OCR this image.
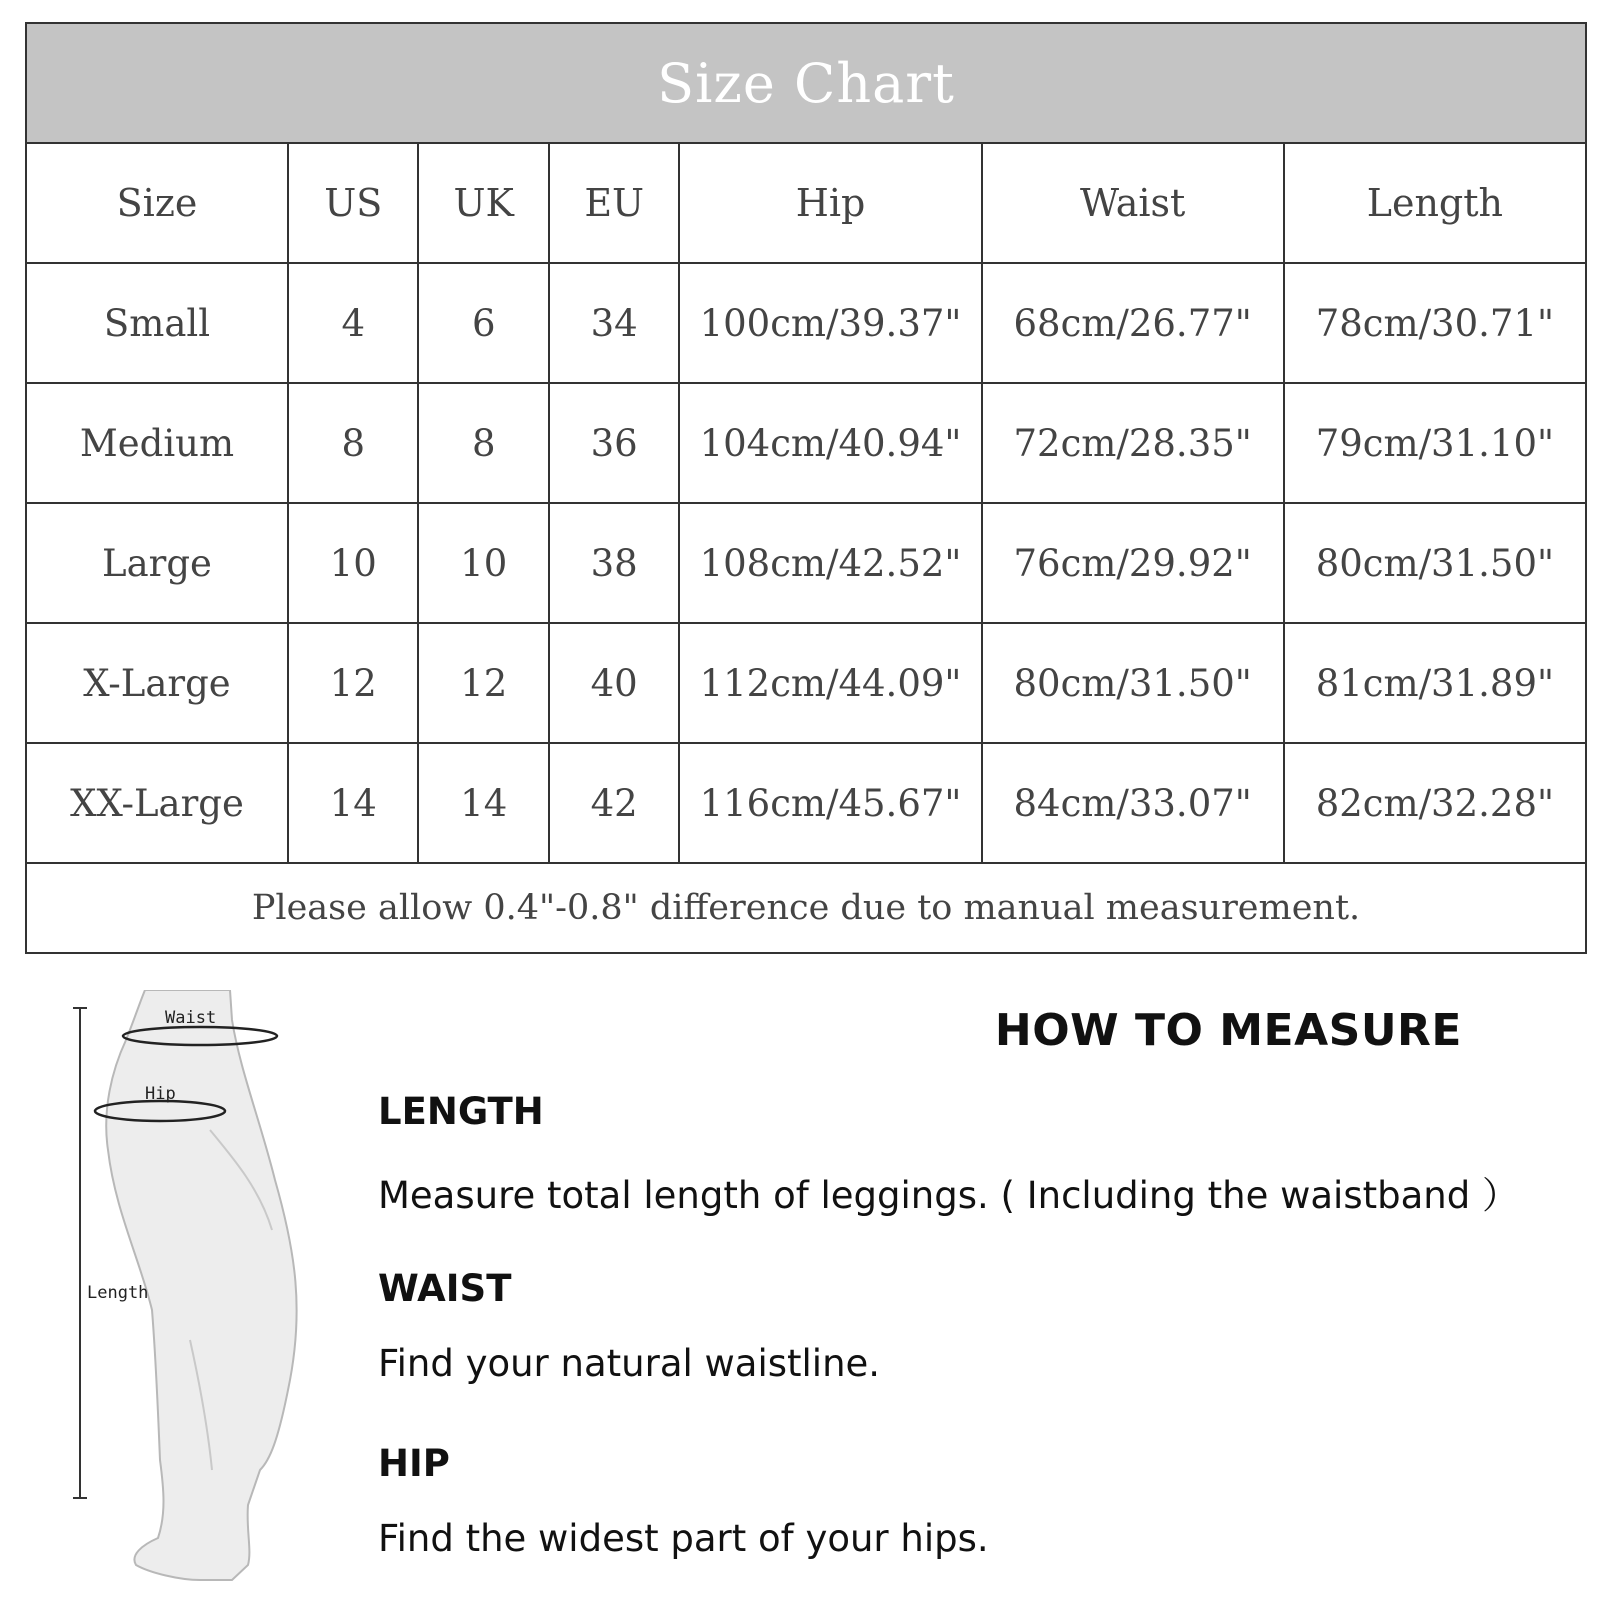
Size Chart						
Size	US	UK	EU	Hip	Waist	Length
Small	4	6	34	100cm/39.37"	68cm/26.77"	78cm/30.71"
Medium	8	8	36	104cm/40.94"	72cm/28.35"	79cm/31.10"
Large	10	10	38	108cm/42.52"	76cm/29.92"	80cm/31.50"
X-Large	12	12	40	112cm/44.09"	80cm/31.50"	81cm/31.89"
XX-Large	14	14	42	116cm/45.67"	84cm/33.07"	82cm/32.28"
Please allow 0.4"-0.8" difference due to manual measurement.						
Waist
Hip
Length
HOW TO MEASURE
LENGTH
Measure total length of leggings. ( Including the waistband ）
WAIST
Find your natural waistline.
HIP
Find the widest part of your hips.
